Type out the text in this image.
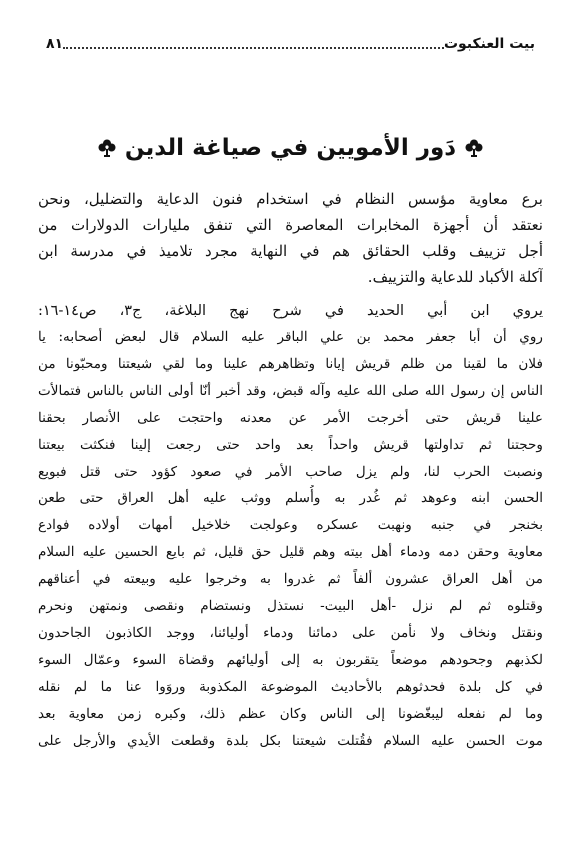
بيت العنكبوت
٨١
دَور الأمويين في صياغة الدين
برع معاوية مؤسس النظام في استخدام فنون الدعاية والتضليل، ونحن
نعتقد أن أجهزة المخابرات المعاصرة التي تنفق مليارات الدولارات من
أجل تزييف وقلب الحقائق هم في النهاية مجرد تلاميذ في مدرسة ابن
آكلة الأكباد للدعاية والتزييف.
يروي ابن أبي الحديد في شرح نهج البلاغة، ج٣، ص١٤-١٦:
روي أن أبا جعفر محمد بن علي الباقر عليه السلام قال لبعض أصحابه: يا
فلان ما لقينا من ظلم قريش إيانا وتظاهرهم علينا وما لقي شيعتنا ومحبّونا من
الناس إن رسول الله صلى الله عليه وآله قبض، وقد أخبر أنّا أولى الناس بالناس فتمالأت
علينا قريش حتى أخرجت الأمر عن معدنه واحتجت على الأنصار بحقنا
وحجتنا ثم تداولتها قريش واحداً بعد واحد حتى رجعت إلينا فنكثت بيعتنا
ونصبت الحرب لنا، ولم يزل صاحب الأمر في صعود كؤود حتى قتل فبويع
الحسن ابنه وعوهد ثم غُدر به وأُسلم ووثب عليه أهل العراق حتى طعن
بخنجر في جنبه ونهبت عسكره وعولجت خلاخيل أمهات أولاده فوادع
معاوية وحقن دمه ودماء أهل بيته وهم قليل حق قليل، ثم بايع الحسين عليه السلام
من أهل العراق عشرون ألفاً ثم غدروا به وخرجوا عليه وبيعته في أعناقهم
وقتلوه ثم لم نزل -أهل البيت- نستذل ونستضام ونقصى ونمتهن ونحرم
ونقتل ونخاف ولا نأمن على دمائنا ودماء أوليائنا، ووجد الكاذبون الجاحدون
لكذبهم وجحودهم موضعاً يتقربون به إلى أوليائهم وقضاة السوء وعمّال السوء
في كل بلدة فحدثوهم بالأحاديث الموضوعة المكذوبة وروَوا عنا ما لم نقله
وما لم نفعله ليبغّضونا إلى الناس وكان عظم ذلك، وكبره زمن معاوية بعد
موت الحسن عليه السلام فقُتلت شيعتنا بكل بلدة وقطعت الأيدي والأرجل على
